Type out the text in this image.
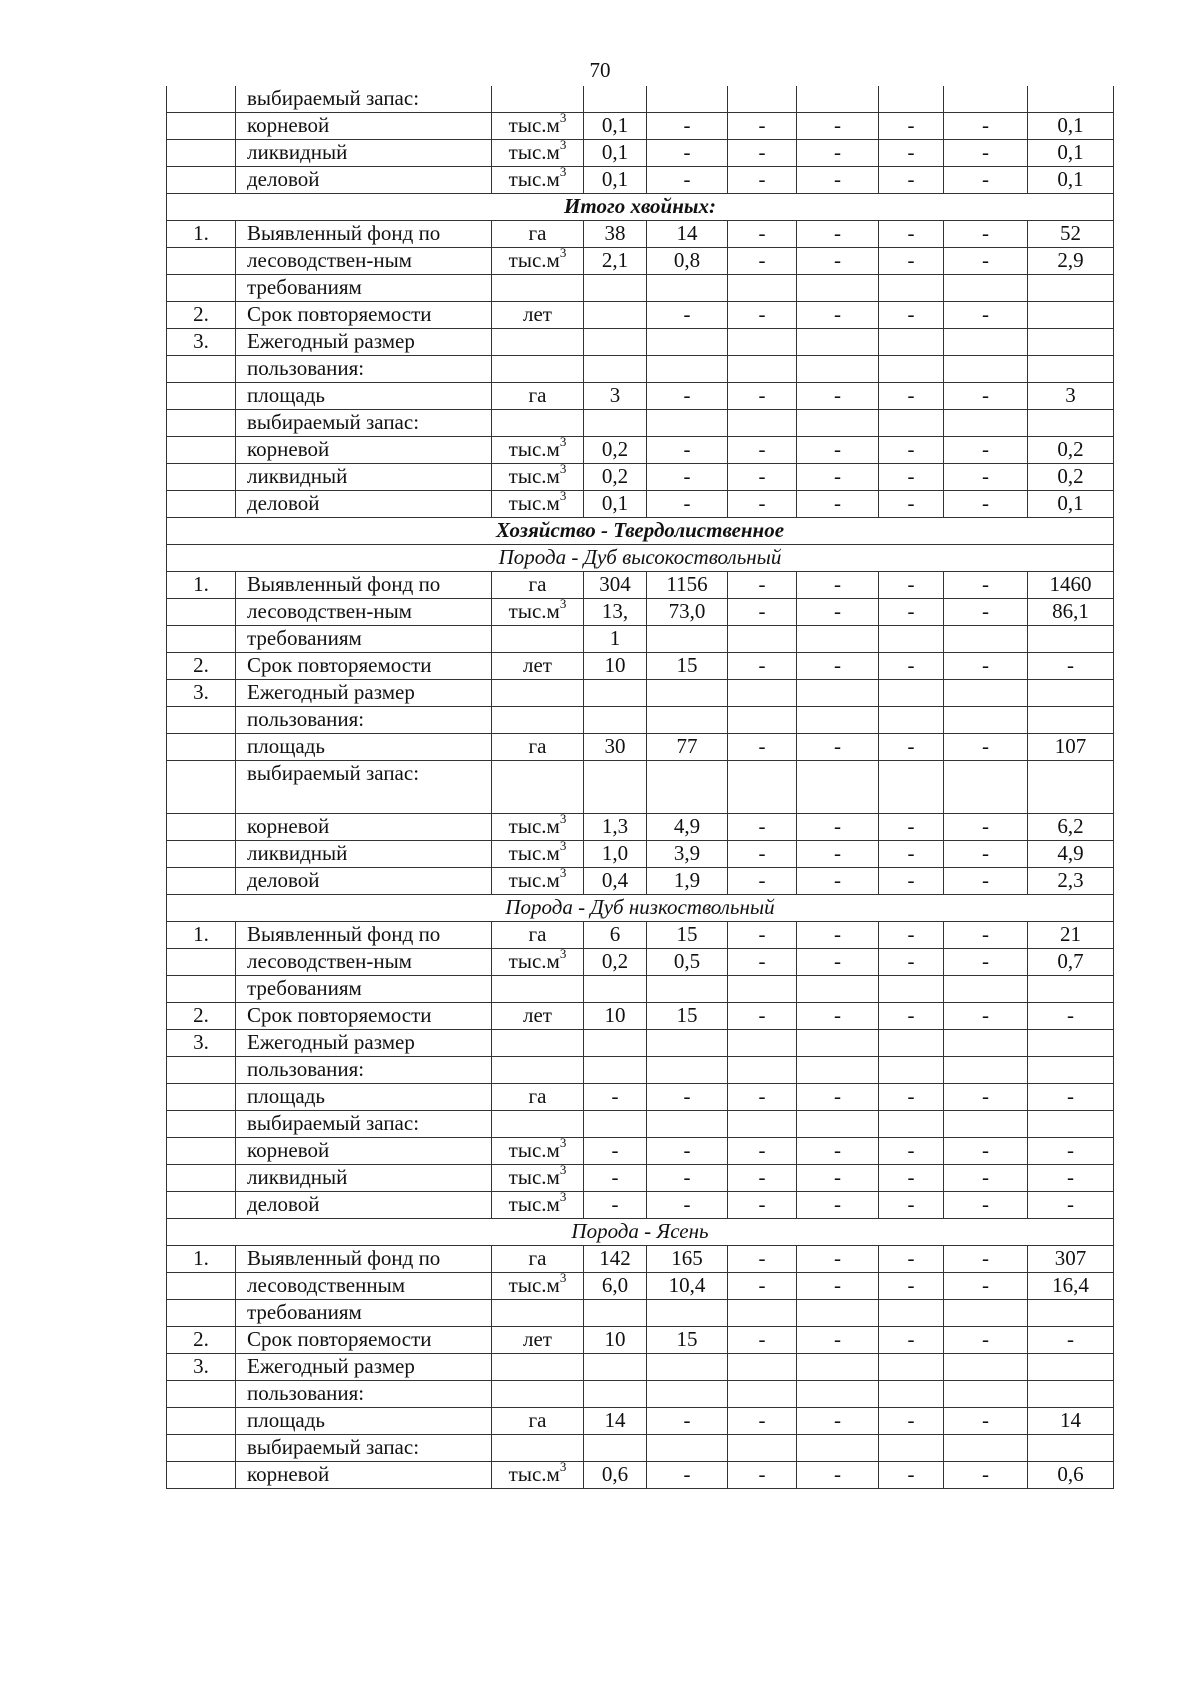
70
	выбираемый запас:								
	корневой	$тыс.м^3$	0,1	-	-	-	-	-	0,1
	ликвидный	$тыс.м^3$	0,1	-	-	-	-	-	0,1
	деловой	$тыс.м^3$	0,1	-	-	-	-	-	0,1
Итого хвойных:									
1.	Выявленный фонд по	га	38	14	-	-	-	-	52
	лесоводствен-ным	$тыс.м^3$	2,1	0,8	-	-	-	-	2,9
	требованиям								
2.	Срок повторяемости	лет		-	-	-	-	-	
3.	Ежегодный размер								
	пользования:								
	площадь	га	3	-	-	-	-	-	3
	выбираемый запас:								
	корневой	$тыс.м^3$	0,2	-	-	-	-	-	0,2
	ликвидный	$тыс.м^3$	0,2	-	-	-	-	-	0,2
	деловой	$тыс.м^3$	0,1	-	-	-	-	-	0,1
Хозяйство - Твердолиственное									
Порода - Дуб высокоствольный									
1.	Выявленный фонд по	га	304	1156	-	-	-	-	1460
	лесоводствен-ным	$тыс.м^3$	13,	73,0	-	-	-	-	86,1
	требованиям		1						
2.	Срок повторяемости	лет	10	15	-	-	-	-	-
3.	Ежегодный размер								
	пользования:								
	площадь	га	30	77	-	-	-	-	107
	выбираемый запас:								
	корневой	$тыс.м^3$	1,3	4,9	-	-	-	-	6,2
	ликвидный	$тыс.м^3$	1,0	3,9	-	-	-	-	4,9
	деловой	$тыс.м^3$	0,4	1,9	-	-	-	-	2,3
Порода - Дуб низкоствольный									
1.	Выявленный фонд по	га	6	15	-	-	-	-	21
	лесоводствен-ным	$тыс.м^3$	0,2	0,5	-	-	-	-	0,7
	требованиям								
2.	Срок повторяемости	лет	10	15	-	-	-	-	-
3.	Ежегодный размер								
	пользования:								
	площадь	га	-	-	-	-	-	-	-
	выбираемый запас:								
	корневой	$тыс.м^3$	-	-	-	-	-	-	-
	ликвидный	$тыс.м^3$	-	-	-	-	-	-	-
	деловой	$тыс.м^3$	-	-	-	-	-	-	-
Порода - Ясень									
1.	Выявленный фонд по	га	142	165	-	-	-	-	307
	лесоводственным	$тыс.м^3$	6,0	10,4	-	-	-	-	16,4
	требованиям								
2.	Срок повторяемости	лет	10	15	-	-	-	-	-
3.	Ежегодный размер								
	пользования:								
	площадь	га	14	-	-	-	-	-	14
	выбираемый запас:								
	корневой	$тыс.м^3$	0,6	-	-	-	-	-	0,6
